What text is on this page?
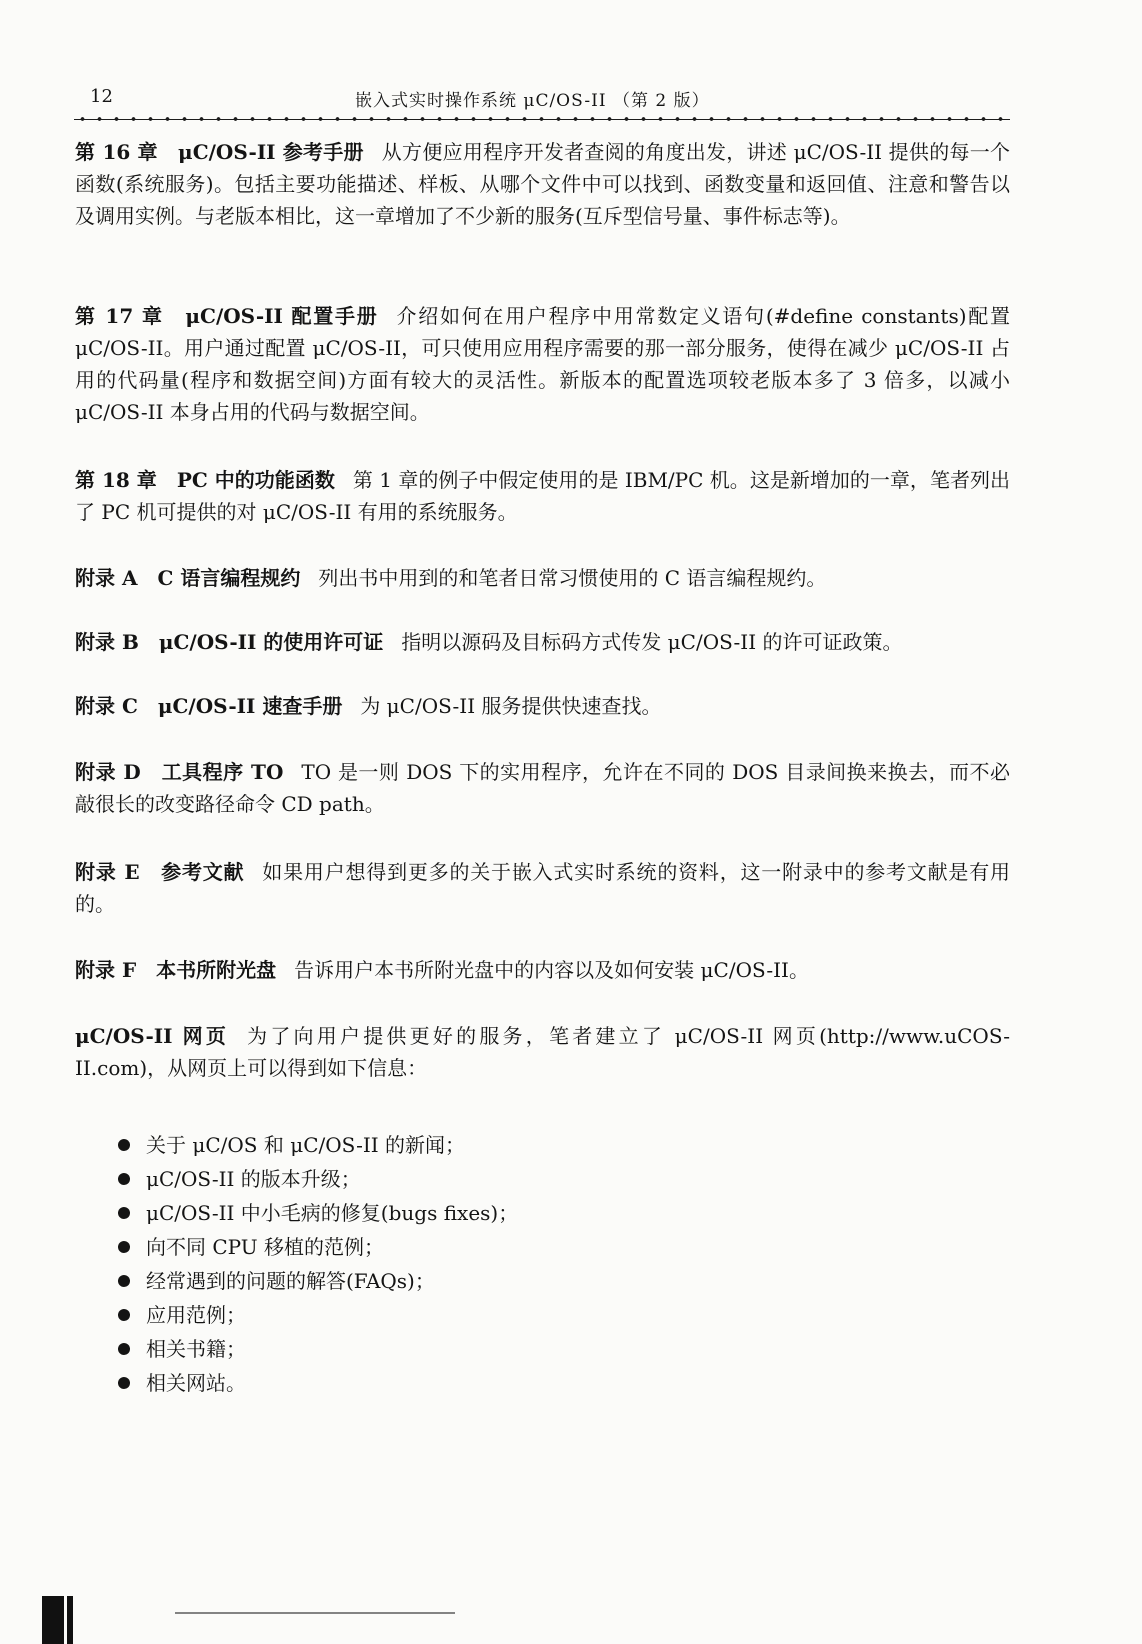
12	嵌入式实时操作系统 μC/OS-II （第 2 版）
第 16 章　μC/OS-II 参考手册 从方便应用程序开发者查阅的角度出发，讲述 μC/OS-II 提供的每一个函数(系统服务)。包括主要功能描述、样板、从哪个文件中可以找到、函数变量和返回值、注意和警告以及调用实例。与老版本相比，这一章增加了不少新的服务(互斥型信号量、事件标志等)。
第 17 章　μC/OS-II 配置手册 介绍如何在用户程序中用常数定义语句(#define constants)配置 μC/OS-II。用户通过配置 μC/OS-II，可只使用应用程序需要的那一部分服务，使得在减少 μC/OS-II 占用的代码量(程序和数据空间)方面有较大的灵活性。新版本的配置选项较老版本多了 3 倍多，以减小 μC/OS-II 本身占用的代码与数据空间。
第 18 章　PC 中的功能函数 第 1 章的例子中假定使用的是 IBM/PC 机。这是新增加的一章，笔者列出了 PC 机可提供的对 μC/OS-II 有用的系统服务。
附录 A　C 语言编程规约 列出书中用到的和笔者日常习惯使用的 C 语言编程规约。
附录 B　μC/OS-II 的使用许可证 指明以源码及目标码方式传发 μC/OS-II 的许可证政策。
附录 C　μC/OS-II 速查手册 为 μC/OS-II 服务提供快速查找。
附录 D　工具程序 TO TO 是一则 DOS 下的实用程序，允许在不同的 DOS 目录间换来换去，而不必敲很长的改变路径命令 CD path。
附录 E　参考文献 如果用户想得到更多的关于嵌入式实时系统的资料，这一附录中的参考文献是有用的。
附录 F　本书所附光盘 告诉用户本书所附光盘中的内容以及如何安装 μC/OS-II。
μC/OS-II 网页 为了向用户提供更好的服务，笔者建立了 μC/OS-II 网页(http://www.uCOS-II.com)，从网页上可以得到如下信息：
关于 μC/OS 和 μC/OS-II 的新闻；
μC/OS-II 的版本升级；
μC/OS-II 中小毛病的修复(bugs fixes)；
向不同 CPU 移植的范例；
经常遇到的问题的解答(FAQs)；
应用范例；
相关书籍；
相关网站。
